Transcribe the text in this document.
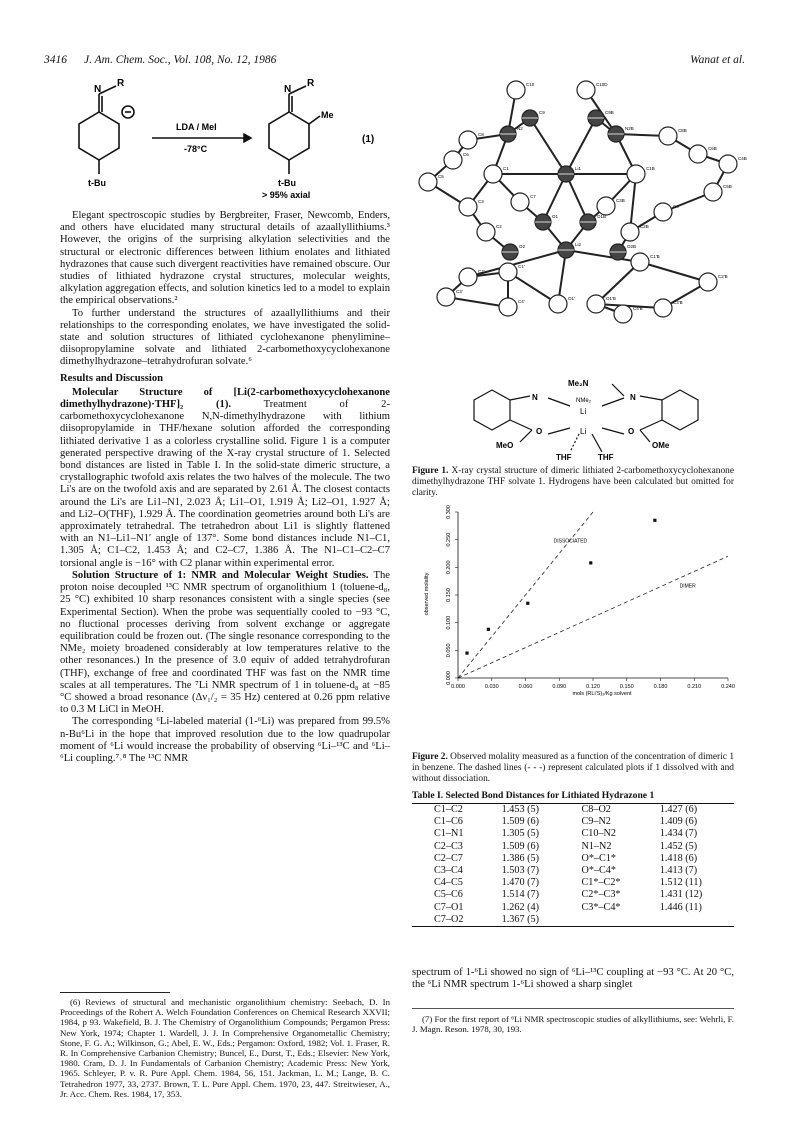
3416 J. Am. Chem. Soc., Vol. 108, No. 12, 1986	Wanat et al.
N
R
t-Bu
LDA / MeI
-78°C
N
R
Me
t-Bu
(1)
> 95% axial

Elegant spectroscopic studies by Bergbreiter, Fraser, Newcomb, Enders, and others have elucidated many structural details of azaallyllithiums.³ However, the origins of the surprising alkylation selectivities and the structural or electronic differences between lithium enolates and lithiated hydrazones that cause such divergent reactivities have remained obscure. Our studies of lithiated hydrazone crystal structures, molecular weights, alkylation aggregation effects, and solution kinetics led to a model to explain the empirical observations.²

To further understand the structures of azaallyllithiums and their relationships to the corresponding enolates, we have investigated the solid-state and solution structures of lithiated cyclohexanone phenylimine–diisopropylamine solvate and lithiated 2-carbomethoxycyclohexanone dimethylhydrazone–tetrahydrofuran solvate.⁶

Results and Discussion

Molecular Structure of [Li(2-carbomethoxycyclohexanone dimethylhydrazone)·THF]₂ (1).	Treatment of 2-carbomethoxycyclohexanone N,N-dimethylhydrazone with lithium diisopropylamide in THF/hexane solution afforded the corresponding lithiated derivative 1 as a colorless crystalline solid. Figure 1 is a computer generated perspective drawing of the X-ray crystal structure of 1. Selected bond distances are listed in Table I. In the solid-state dimeric structure, a crystallographic twofold axis relates the two halves of the molecule. The two Li's are on the twofold axis and are separated by 2.61 Å. The closest contacts around the Li's are Li1–N1, 2.023 Å; Li1–O1, 1.919 Å; Li2–O1, 1.927 Å; and Li2–O(THF), 1.929 Å. The coordination geometries around both Li's are approximately tetrahedral. The tetrahedron about Li1 is slightly flattened with an N1–Li1–N1′ angle of 137°. Some bond distances include N1–C1, 1.305 Å; C1–C2, 1.453 Å; and C2–C7, 1.386 Å. The N1–C1–C2–C7 torsional angle is −16° with C2 planar within experimental error.

Solution Structure of 1: NMR and Molecular Weight Studies. The proton noise decoupled ¹³C NMR spectrum of organolithium 1 (toluene-d₈, 25 °C) exhibited 10 sharp resonances consistent with a single species (see Experimental Section). When the probe was sequentially cooled to −93 °C, no fluctional processes deriving from solvent exchange or aggregate equilibration could be frozen out. (The single resonance corresponding to the NMe₂ moiety broadened considerably at low temperatures relative to the other resonances.) In the presence of 3.0 equiv of added tetrahydrofuran (THF), exchange of free and coordinated THF was fast on the NMR time scales at all temperatures. The ⁷Li NMR spectrum of 1 in toluene-d₈ at −85 °C showed a broad resonance (Δν₁/₂ = 35 Hz) centered at 0.26 ppm relative to 0.3 M LiCl in MeOH.

The corresponding ⁶Li-labeled material (1-⁶Li) was prepared from 99.5% n-Bu⁶Li in the hope that improved resolution due to the low quadrupolar moment of ⁶Li would increase the probability of observing ⁶Li–¹³C and ⁶Li–⁶Li coupling.⁷˒⁸ The ¹³C NMR

(6) Reviews of structural and mechanistic organolithium chemistry: Seebach, D. In Proceedings of the Robert A. Welch Foundation Conferences on Chemical Research XXVII; 1984, p 93. Wakefield, B. J. The Chemistry of Organolithium Compounds; Pergamon Press: New York, 1974; Chapter 1. Wardell, J. J. In Comprehensive Organometallic Chemistry; Stone, F. G. A.; Wilkinson, G.; Abel, E. W., Eds.; Pergamon: Oxford, 1982; Vol. 1. Fraser, R. R. In Comprehensive Carbanion Chemistry; Buncel, E., Durst, T., Eds.; Elsevier: New York, 1980. Cram, D. J. In Fundamentals of Carbanion Chemistry; Academic Press: New York, 1965. Schleyer, P. v. R. Pure Appl. Chem. 1984, 56, 151. Jackman, L. M.; Lange, B. C. Tetrahedron 1977, 33, 2737. Brown, T. L. Pure Appl. Chem. 1970, 23, 447. Streitwieser, A., Jr. Acc. Chem. Res. 1984, 17, 353.
C10	C10D
C8
N2	N2B
C6
C9	C9B
C8B
C4B
C5
C1	Li1	C1B
C6B
C5B
C7
C3B
C3
O1	O1B
C2	C2B
C4
Li2
O2	O2B
C2'
C1'
C1'B
C2'B
O1'	O1'B
C4'
C3'
C3'B
C4'B
Me₂N
NMe₂
N	N
Li
Li
O	O
MeO	OMe
THF	THF
Figure 1. X-ray crystal structure of dimeric lithiated 2-carbomethoxycyclohexanone dimethylhydrazone THF solvate 1. Hydrogens have been calculated but omitted for clarity.
DISSOCIATED
DIMER
0.000	0.030	0.060	0.090	0.120	0.150	0.180	0.210	0.240
0.000
0.050
0.100
0.150
0.200
0.250
0.300
mols (RLi'S)₂/Kg solvent
observed molality
Figure 2. Observed molality measured as a function of the concentration of dimeric 1 in benzene. The dashed lines (- - -) represent calculated plots if 1 dissolved with and without dissociation.
Table I. Selected Bond Distances for Lithiated Hydrazone 1
C1–C2	1.453 (5)	C8–O2	1.427 (6)
C1–C6	1.509 (6)	C9–N2	1.409 (6)
C1–N1	1.305 (5)	C10–N2	1.434 (7)
C2–C3	1.509 (6)	N1–N2	1.452 (5)
C2–C7	1.386 (5)	O*–C1*	1.418 (6)
C3–C4	1.503 (7)	O*–C4*	1.413 (7)
C4–C5	1.470 (7)	C1*–C2*	1.512 (11)
C5–C6	1.514 (7)	C2*–C3*	1.431 (12)
C7–O1	1.262 (4)	C3*–C4*	1.446 (11)
C7–O2	1.367 (5)		
spectrum of 1-⁶Li showed no sign of ⁶Li–¹³C coupling at −93 °C. At 20 °C, the ⁶Li NMR spectrum 1-⁶Li showed a sharp singlet
(7) For the first report of ⁶Li NMR spectroscopic studies of alkyllithiums, see: Wehrli, F. J. Magn. Reson. 1978, 30, 193.
